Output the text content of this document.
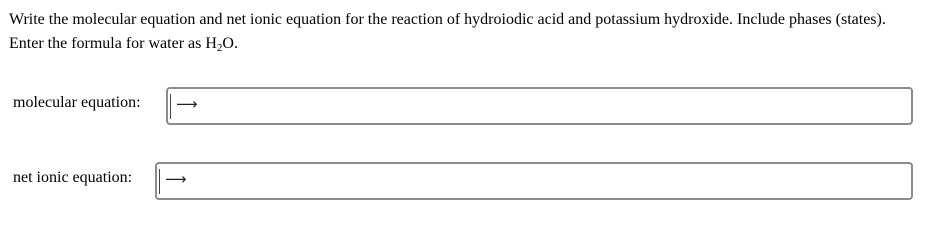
Write the molecular equation and net ionic equation for the reaction of hydroiodic acid and potassium hydroxide. Include phases (states). Enter the formula for water as $H_2O$.

molecular equation: ⟶
net ionic equation: ⟶
